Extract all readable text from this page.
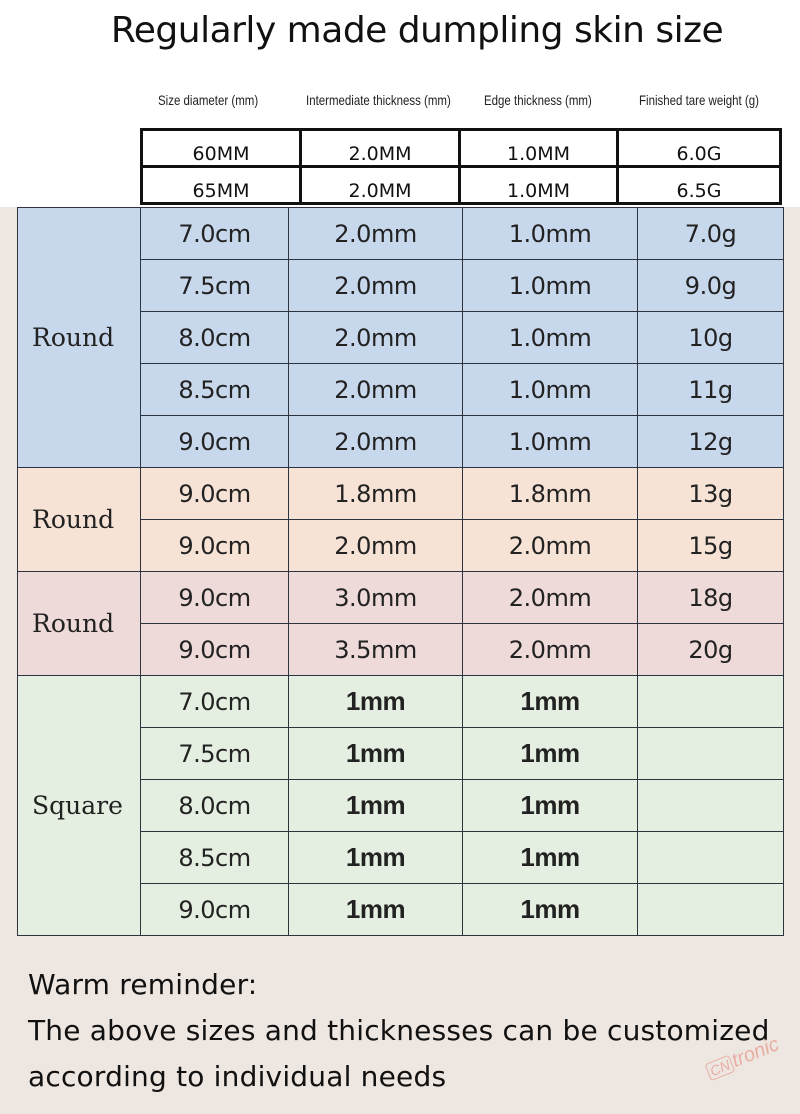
Regularly made dumpling skin size
Size diameter (mm)	Intermediate thickness (mm) Edge thickness (mm)	Finished tare weight (g)
60MM	2.0MM	1.0MM	6.0G
65MM	2.0MM	1.0MM	6.5G
Round	7.0cm	2.0mm	1.0mm	7.0g
	7.5cm	2.0mm	1.0mm	9.0g
	8.0cm	2.0mm	1.0mm	10g
	8.5cm	2.0mm	1.0mm	11g
	9.0cm	2.0mm	1.0mm	12g
Round	9.0cm	1.8mm	1.8mm	13g
	9.0cm	2.0mm	2.0mm	15g
Round	9.0cm	3.0mm	2.0mm	18g
	9.0cm	3.5mm	2.0mm	20g
Square	7.0cm	1mm	1mm	
	7.5cm	1mm	1mm	
	8.0cm	1mm	1mm	
	8.5cm	1mm	1mm	
	9.0cm	1mm	1mm	
Warm reminder:
The above sizes and thicknesses can be customized
according to individual needs	CNtronic
